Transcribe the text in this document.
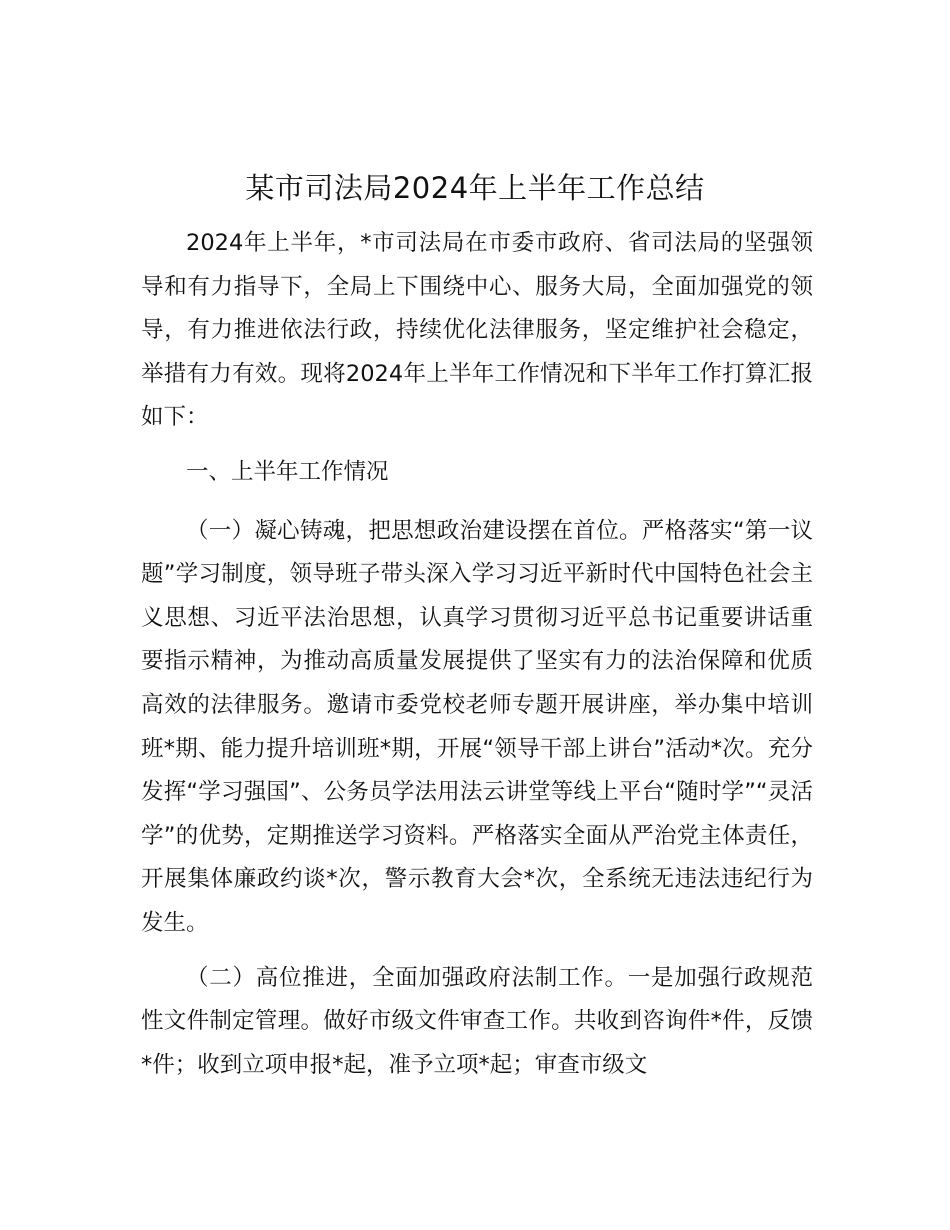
某市司法局2024年上半年工作总结

2024年上半年，*市司法局在市委市政府、省司法局的坚强领导和有力指导下，全局上下围绕中心、服务大局，全面加强党的领导，有力推进依法行政，持续优化法律服务，坚定维护社会稳定，举措有力有效。现将2024年上半年工作情况和下半年工作打算汇报如下：

一、上半年工作情况

（一）凝心铸魂，把思想政治建设摆在首位。严格落实“第一议题”学习制度，领导班子带头深入学习习近平新时代中国特色社会主义思想、习近平法治思想，认真学习贯彻习近平总书记重要讲话重要指示精神，为推动高质量发展提供了坚实有力的法治保障和优质高效的法律服务。邀请市委党校老师专题开展讲座，举办集中培训班*期、能力提升培训班*期，开展“领导干部上讲台”活动*次。充分发挥“学习强国”、公务员学法用法云讲堂等线上平台“随时学”“灵活学”的优势，定期推送学习资料。严格落实全面从严治党主体责任，开展集体廉政约谈*次，警示教育大会*次，全系统无违法违纪行为发生。

（二）高位推进，全面加强政府法制工作。一是加强行政规范性文件制定管理。做好市级文件审查工作。共收到咨询件*件，反馈*件；收到立项申报*起，准予立项*起；审查市级文
